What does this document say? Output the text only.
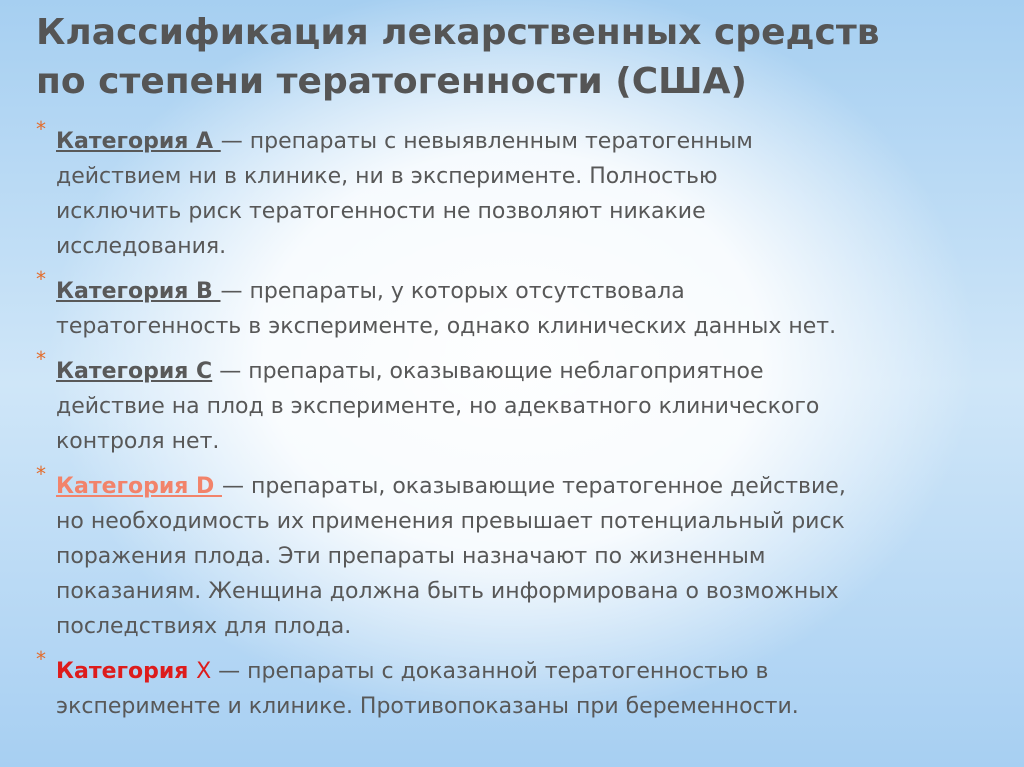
Классификация лекарственных средств
по степени тератогенности (США)
* Категория А — препараты с невыявленным тератогенным
действием ни в клинике, ни в эксперименте. Полностью
исключить риск тератогенности не позволяют никакие
исследования.
* Категория В — препараты, у которых отсутствовала
тератогенность в эксперименте, однако клинических данных нет.
* Категория С — препараты, оказывающие неблагоприятное
действие на плод в эксперименте, но адекватного клинического
контроля нет.
* Категория D — препараты, оказывающие тератогенное действие,
но необходимость их применения превышает потенциальный риск
поражения плода. Эти препараты назначают по жизненным
показаниям. Женщина должна быть информирована о возможных
последствиях для плода.
* Категория X — препараты с доказанной тератогенностью в
эксперименте и клинике. Противопоказаны при беременности.
